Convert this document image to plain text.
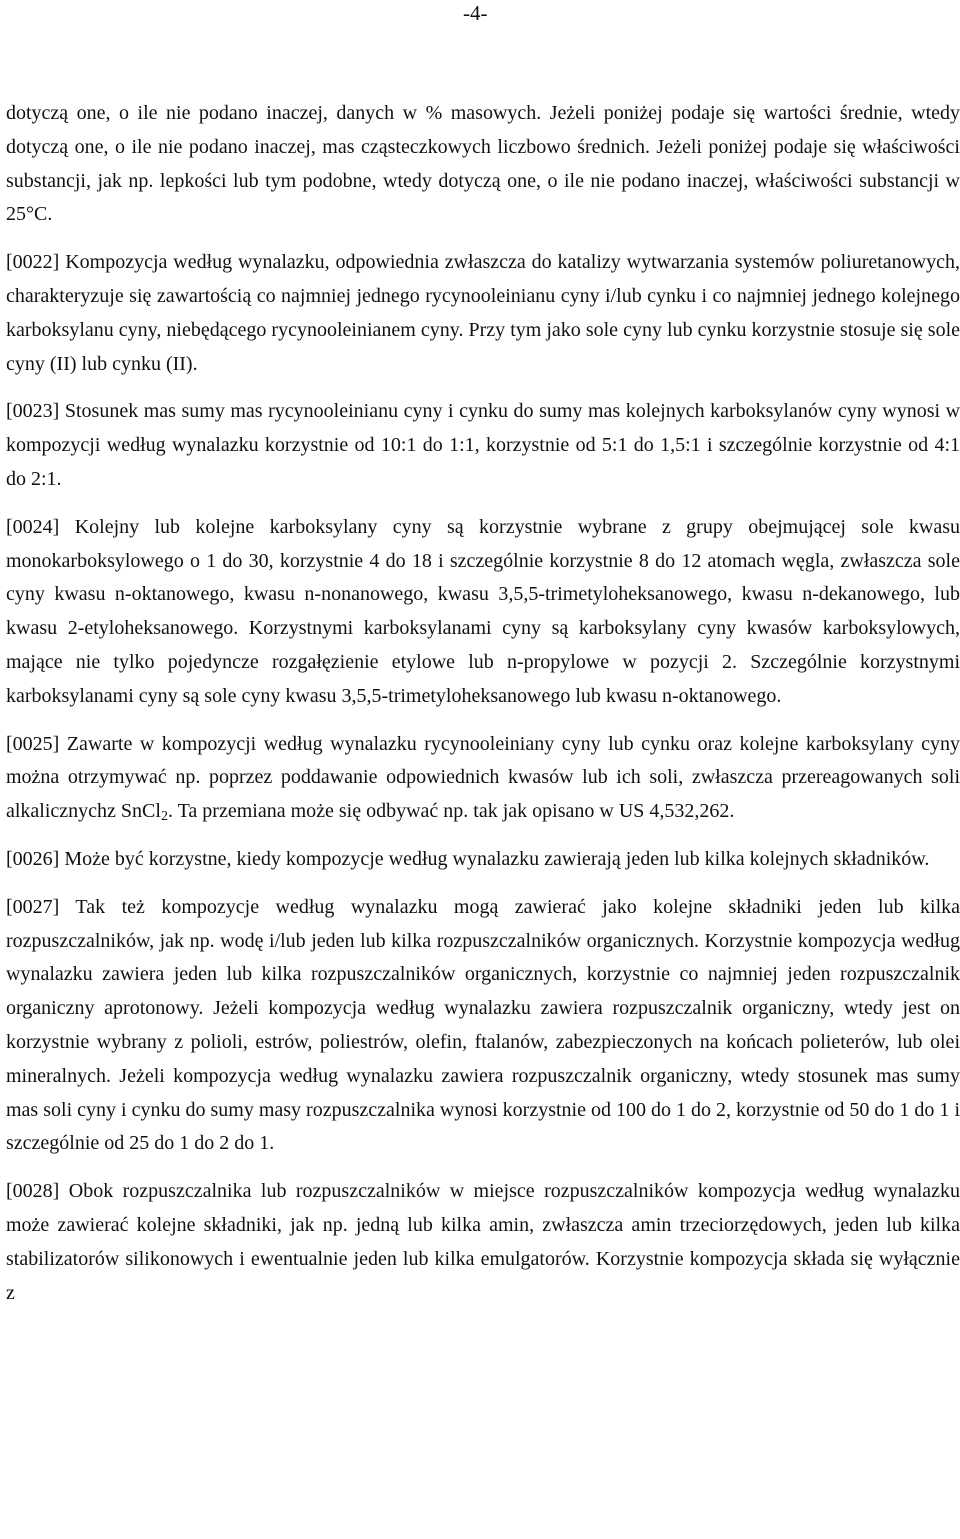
-4-

dotyczą one, o ile nie podano inaczej, danych w % masowych. Jeżeli poniżej podaje się wartości średnie, wtedy dotyczą one, o ile nie podano inaczej, mas cząsteczkowych liczbowo średnich. Jeżeli poniżej podaje się właściwości substancji, jak np. lepkości lub tym podobne, wtedy dotyczą one, o ile nie podano inaczej, właściwości substancji w 25°C.

[0022] Kompozycja według wynalazku, odpowiednia zwłaszcza do katalizy wytwarzania systemów poliuretanowych, charakteryzuje się zawartością co najmniej jednego rycynooleinianu cyny i/lub cynku i co najmniej jednego kolejnego karboksylanu cyny, niebędącego rycynooleinianem cyny. Przy tym jako sole cyny lub cynku korzystnie stosuje się sole cyny (II) lub cynku (II).

[0023] Stosunek mas sumy mas rycynooleinianu cyny i cynku do sumy mas kolejnych karboksylanów cyny wynosi w kompozycji według wynalazku korzystnie od 10:1 do 1:1, korzystnie od 5:1 do 1,5:1 i szczególnie korzystnie od 4:1 do 2:1.

[0024] Kolejny lub kolejne karboksylany cyny są korzystnie wybrane z grupy obejmującej sole kwasu monokarboksylowego o 1 do 30, korzystnie 4 do 18 i szczególnie korzystnie 8 do 12 atomach węgla, zwłaszcza sole cyny kwasu n-oktanowego, kwasu n-nonanowego, kwasu 3,5,5-trimetyloheksanowego, kwasu n-dekanowego, lub kwasu 2-etyloheksanowego. Korzystnymi karboksylanami cyny są karboksylany cyny kwasów karboksylowych, mające nie tylko pojedyncze rozgałęzienie etylowe lub n-propylowe w pozycji 2. Szczególnie korzystnymi karboksylanami cyny są sole cyny kwasu 3,5,5-trimetyloheksanowego lub kwasu n-oktanowego.

[0025] Zawarte w kompozycji według wynalazku rycynooleiniany cyny lub cynku oraz kolejne karboksylany cyny można otrzymywać np. poprzez poddawanie odpowiednich kwasów lub ich soli, zwłaszcza przereagowanych soli alkalicznychz SnCl$_2$. Ta przemiana może się odbywać np. tak jak opisano w US 4,532,262.

[0026] Może być korzystne, kiedy kompozycje według wynalazku zawierają jeden lub kilka kolejnych składników.

[0027] Tak też kompozycje według wynalazku mogą zawierać jako kolejne składniki jeden lub kilka rozpuszczalników, jak np. wodę i/lub jeden lub kilka rozpuszczalników organicznych. Korzystnie kompozycja według wynalazku zawiera jeden lub kilka rozpuszczalników organicznych, korzystnie co najmniej jeden rozpuszczalnik organiczny aprotonowy. Jeżeli kompozycja według wynalazku zawiera rozpuszczalnik organiczny, wtedy jest on korzystnie wybrany z polioli, estrów, poliestrów, olefin, ftalanów, zabezpieczonych na końcach polieterów, lub olei mineralnych. Jeżeli kompozycja według wynalazku zawiera rozpuszczalnik organiczny, wtedy stosunek mas sumy mas soli cyny i cynku do sumy masy rozpuszczalnika wynosi korzystnie od 100 do 1 do 2, korzystnie od 50 do 1 do 1 i szczególnie od 25 do 1 do 2 do 1.

[0028] Obok rozpuszczalnika lub rozpuszczalników w miejsce rozpuszczalników kompozycja według wynalazku może zawierać kolejne składniki, jak np. jedną lub kilka amin, zwłaszcza amin trzeciorzędowych, jeden lub kilka stabilizatorów silikonowych i ewentualnie jeden lub kilka emulgatorów. Korzystnie kompozycja składa się wyłącznie z
